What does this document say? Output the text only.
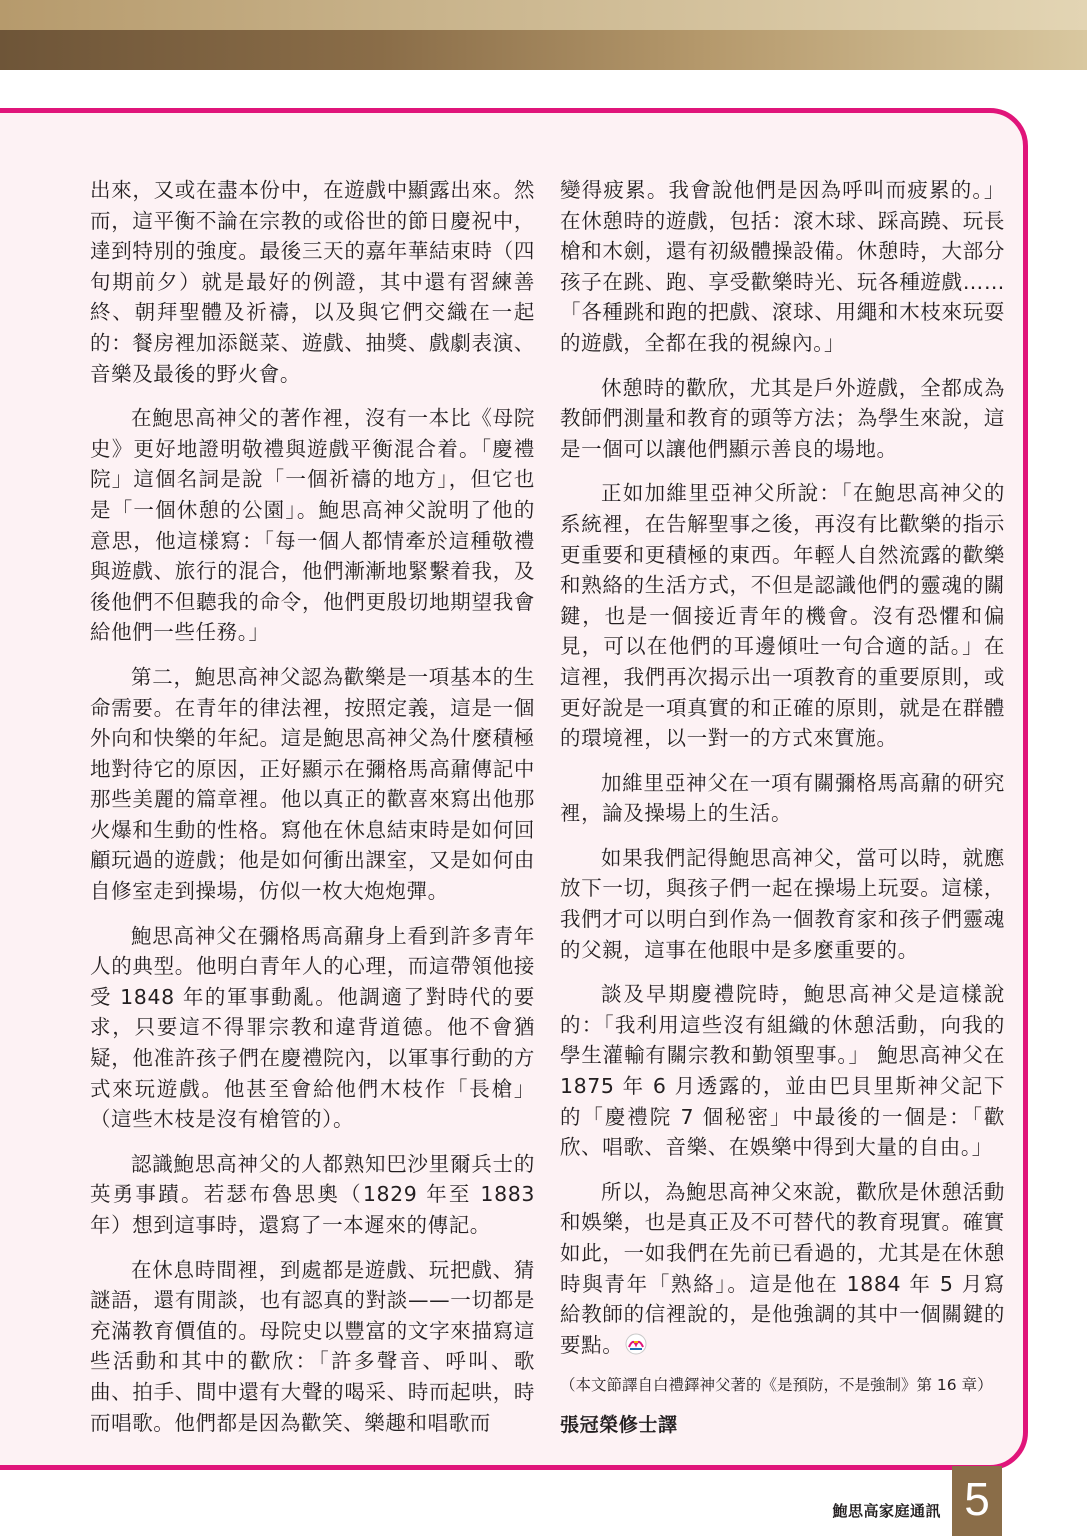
出來，又或在盡本份中，在遊戲中顯露出來。然而，這平衡不論在宗教的或俗世的節日慶祝中，達到特別的強度。最後三天的嘉年華結束時（四旬期前夕）就是最好的例證，其中還有習練善終、朝拜聖體及祈禱，以及與它們交織在一起的：餐房裡加添餸菜、遊戲、抽獎、戲劇表演、音樂及最後的野火會。

在鮑思高神父的著作裡，沒有一本比《母院史》更好地證明敬禮與遊戲平衡混合着。「慶禮院」這個名詞是說「一個祈禱的地方」，但它也是「一個休憩的公園」。鮑思高神父說明了他的意思，他這樣寫：「每一個人都情牽於這種敬禮與遊戲、旅行的混合，他們漸漸地緊繫着我，及後他們不但聽我的命令，他們更殷切地期望我會給他們一些任務。」

第二，鮑思高神父認為歡樂是一項基本的生命需要。在青年的律法裡，按照定義，這是一個外向和快樂的年紀。這是鮑思高神父為什麼積極地對待它的原因，正好顯示在彌格馬高鼐傳記中那些美麗的篇章裡。他以真正的歡喜來寫出他那火爆和生動的性格。寫他在休息結束時是如何回顧玩過的遊戲；他是如何衝出課室，又是如何由自修室走到操場，仿似一枚大炮炮彈。

鮑思高神父在彌格馬高鼐身上看到許多青年人的典型。他明白青年人的心理，而這帶領他接受 1848 年的軍事動亂。他調適了對時代的要求，只要這不得罪宗教和違背道德。他不會猶疑，他准許孩子們在慶禮院內，以軍事行動的方式來玩遊戲。他甚至會給他們木枝作「長槍」（這些木枝是沒有槍管的）。

認識鮑思高神父的人都熟知巴沙里爾兵士的英勇事蹟。若瑟布魯思奧（1829 年至 1883 年）想到這事時，還寫了一本遲來的傳記。

在休息時間裡，到處都是遊戲、玩把戲、猜謎語，還有閒談，也有認真的對談——一切都是充滿教育價值的。母院史以豐富的文字來描寫這些活動和其中的歡欣：「許多聲音、呼叫、歌曲、拍手、間中還有大聲的喝采、時而起哄，時而唱歌。他們都是因為歡笑、樂趣和唱歌而

變得疲累。我會說他們是因為呼叫而疲累的。」在休憩時的遊戲，包括：滾木球、踩高蹺、玩長槍和木劍，還有初級體操設備。休憩時，大部分孩子在跳、跑、享受歡樂時光、玩各種遊戲……「各種跳和跑的把戲、滾球、用繩和木枝來玩耍的遊戲，全都在我的視線內。」

休憩時的歡欣，尤其是戶外遊戲，全都成為教師們測量和教育的頭等方法；為學生來說，這是一個可以讓他們顯示善良的場地。

正如加維里亞神父所說：「在鮑思高神父的系統裡，在告解聖事之後，再沒有比歡樂的指示更重要和更積極的東西。年輕人自然流露的歡樂和熟絡的生活方式，不但是認識他們的靈魂的關鍵，也是一個接近青年的機會。沒有恐懼和偏見，可以在他們的耳邊傾吐一句合適的話。」在這裡，我們再次揭示出一項教育的重要原則，或更好說是一項真實的和正確的原則，就是在群體的環境裡，以一對一的方式來實施。

加維里亞神父在一項有關彌格馬高鼐的研究裡，論及操場上的生活。

如果我們記得鮑思高神父，當可以時，就應放下一切，與孩子們一起在操場上玩耍。這樣，我們才可以明白到作為一個教育家和孩子們靈魂的父親，這事在他眼中是多麼重要的。

談及早期慶禮院時，鮑思高神父是這樣說的：「我利用這些沒有組織的休憩活動，向我的學生灌輸有關宗教和勤領聖事。」 鮑思高神父在 1875 年 6 月透露的，並由巴貝里斯神父記下的「慶禮院 7 個秘密」中最後的一個是：「歡欣、唱歌、音樂、在娛樂中得到大量的自由。」

所以，為鮑思高神父來說，歡欣是休憩活動和娛樂，也是真正及不可替代的教育現實。確實如此，一如我們在先前已看過的，尤其是在休憩時與青年「熟絡」。這是他在 1884 年 5 月寫給教師的信裡說的，是他強調的其中一個關鍵的要點。

（本文節譯自白禮鐸神父著的《是預防，不是強制》第 16 章）

張冠榮修士譯

鮑思高家庭通訊 5
